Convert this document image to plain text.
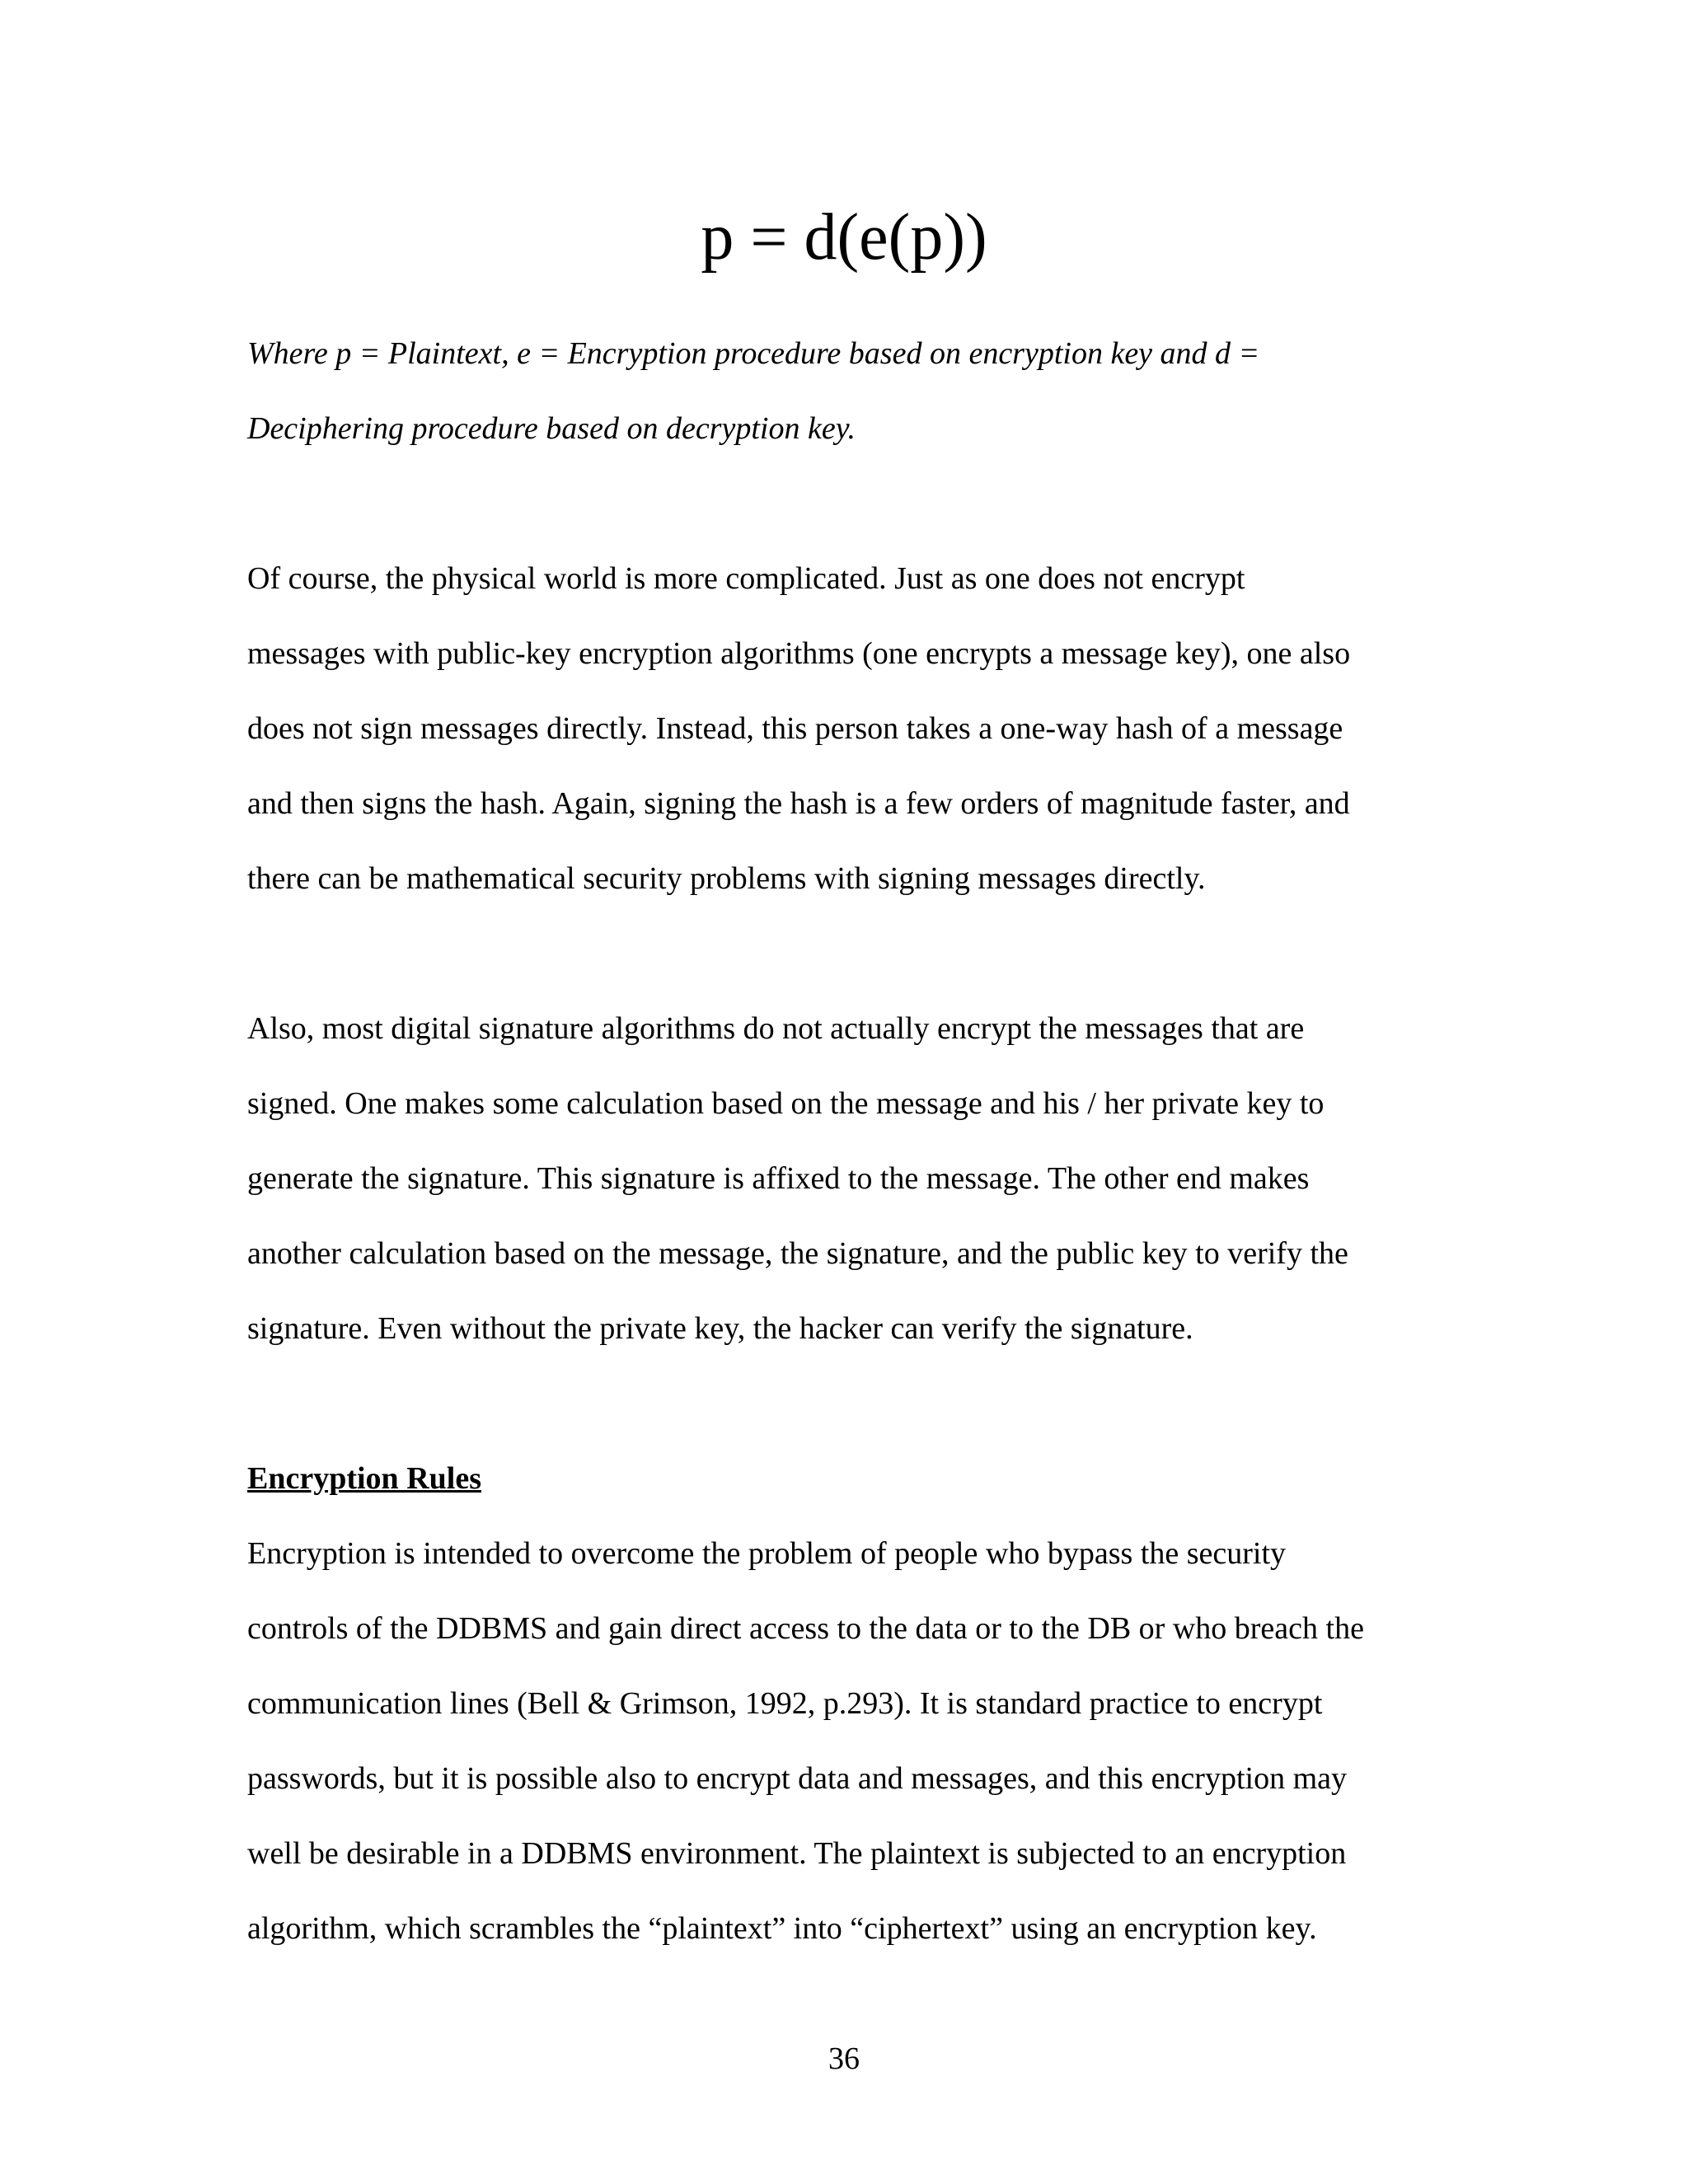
p = d(e(p))
Where p = Plaintext, e = Encryption procedure based on encryption key and d =
Deciphering procedure based on decryption key.
Of course, the physical world is more complicated. Just as one does not encrypt
messages with public-key encryption algorithms (one encrypts a message key), one also
does not sign messages directly. Instead, this person takes a one-way hash of a message
and then signs the hash. Again, signing the hash is a few orders of magnitude faster, and
there can be mathematical security problems with signing messages directly.
Also, most digital signature algorithms do not actually encrypt the messages that are
signed. One makes some calculation based on the message and his / her private key to
generate the signature. This signature is affixed to the message. The other end makes
another calculation based on the message, the signature, and the public key to verify the
signature. Even without the private key, the hacker can verify the signature.
Encryption Rules
Encryption is intended to overcome the problem of people who bypass the security
controls of the DDBMS and gain direct access to the data or to the DB or who breach the
communication lines (Bell & Grimson, 1992, p.293). It is standard practice to encrypt
passwords, but it is possible also to encrypt data and messages, and this encryption may
well be desirable in a DDBMS environment. The plaintext is subjected to an encryption
algorithm, which scrambles the “plaintext” into “ciphertext” using an encryption key.
36
